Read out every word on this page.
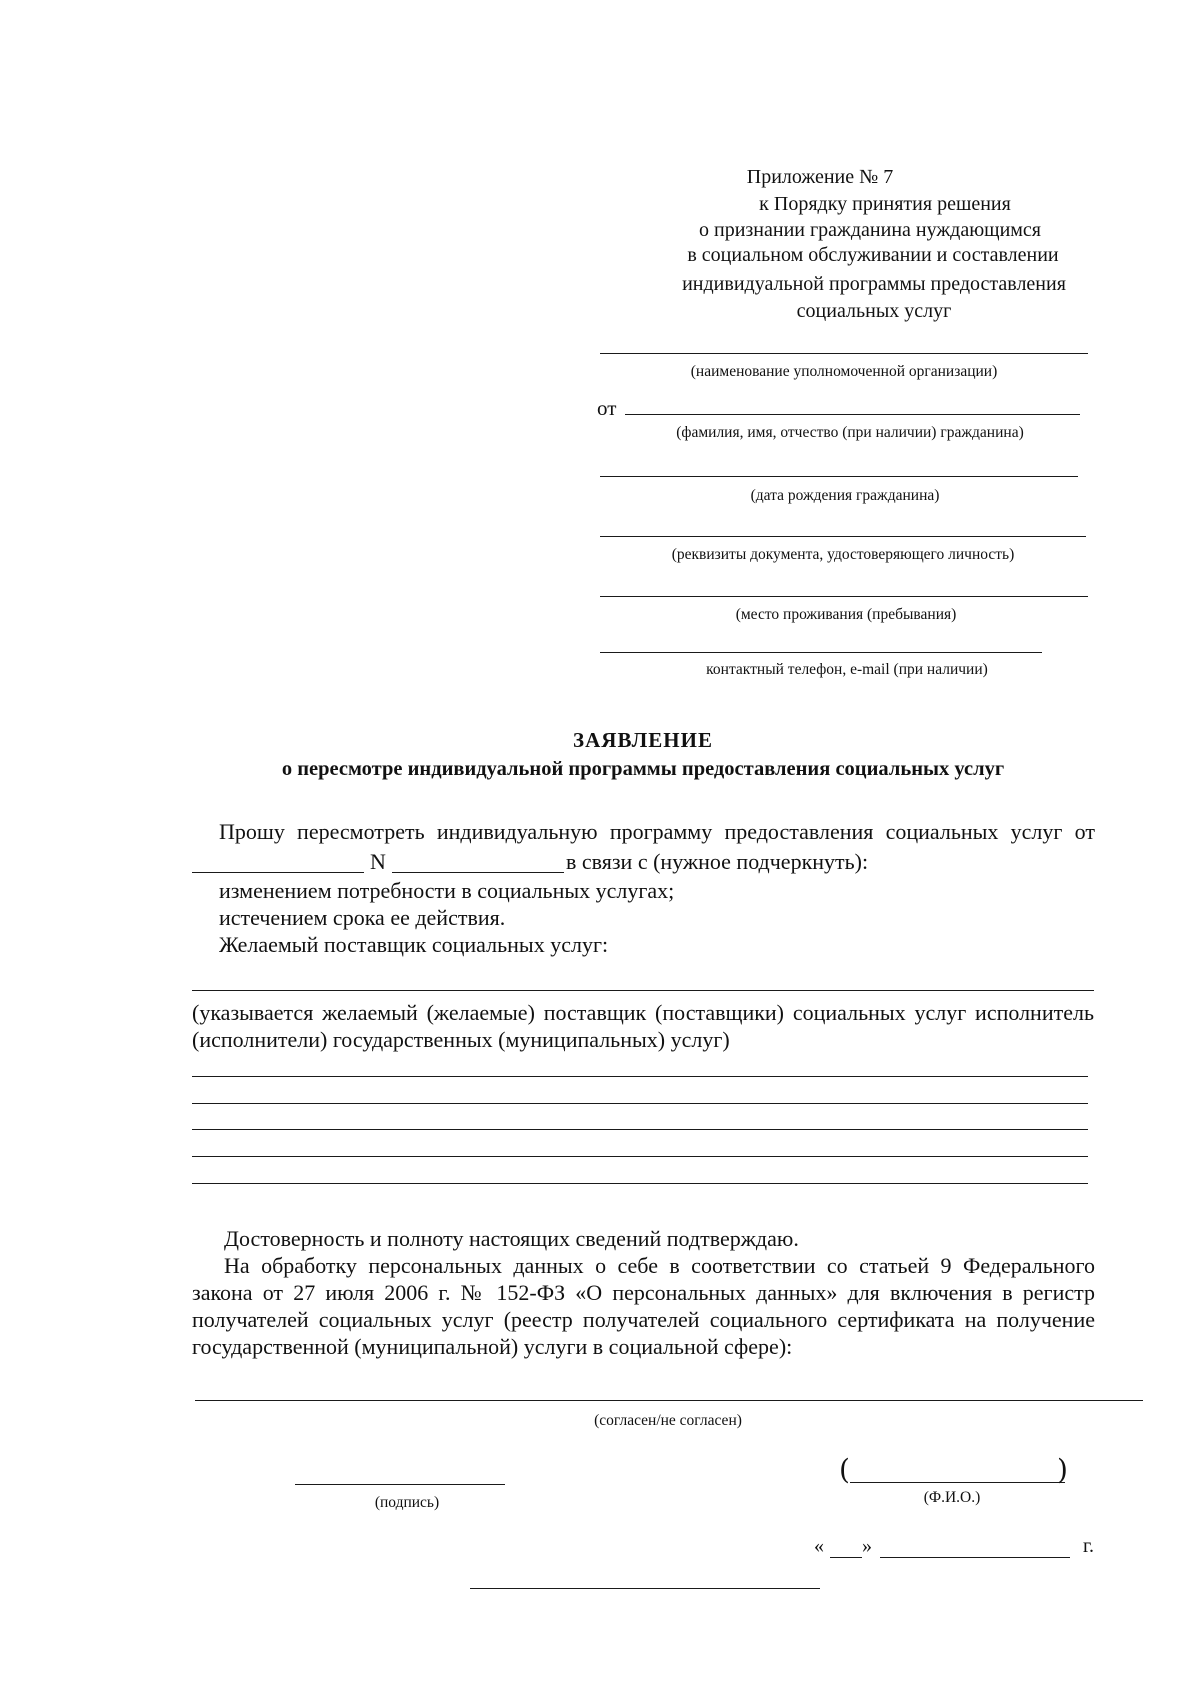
Приложение № 7
к Порядку принятия решения
о признании гражданина нуждающимся
в социальном обслуживании и составлении
индивидуальной программы предоставления
социальных услуг
(наименование уполномоченной организации)
от
(фамилия, имя, отчество (при наличии) гражданина)
(дата рождения гражданина)
(реквизиты документа, удостоверяющего личность)
(место проживания (пребывания)
контактный телефон, e-mail (при наличии)
ЗАЯВЛЕНИЕ
о пересмотре индивидуальной программы предоставления социальных услуг
Прошу пересмотреть индивидуальную программу предоставления социальных услуг от
N	в связи с (нужное подчеркнуть):
изменением потребности в социальных услугах;
истечением срока ее действия.
Желаемый поставщик социальных услуг:
(указывается желаемый (желаемые) поставщик (поставщики) социальных услуг исполнитель
(исполнители) государственных (муниципальных) услуг)
Достоверность и полноту настоящих сведений подтверждаю.
На обработку персональных данных о себе в соответствии со статьей 9 Федерального
закона от 27 июля 2006 г. № 152-ФЗ «О персональных данных» для включения в регистр
получателей социальных услуг (реестр получателей социального сертификата на получение
государственной (муниципальной) услуги в социальной сфере):
(согласен/не согласен)
(подпись)
(	)
(Ф.И.О.)
« »	г.
